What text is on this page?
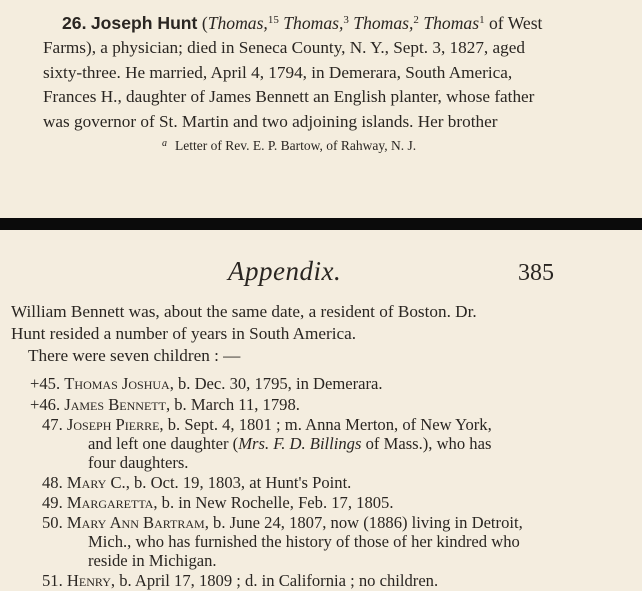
26. Joseph Hunt (Thomas,$^{15}$ Thomas,$^3$ Thomas,$^2$ Thomas$^1$ of West
Farms), a physician; died in Seneca County, N. Y., Sept. 3, 1827, aged
sixty-three. He married, April 4, 1794, in Demerara, South America,
Frances H., daughter of James Bennett an English planter, whose father
was governor of St. Martin and two adjoining islands. Her brother
$^a$ Letter of Rev. E. P. Bartow, of Rahway, N. J.
Appendix.	385
William Bennett was, about the same date, a resident of Boston. Dr.
Hunt resided a number of years in South America.
There were seven children : —
+45. Thomas Joshua, b. Dec. 30, 1795, in Demerara.
+46. James Bennett, b. March 11, 1798.
47. Joseph Pierre, b. Sept. 4, 1801 ; m. Anna Merton, of New York,
and left one daughter (Mrs. F. D. Billings of Mass.), who has
four daughters.
48. Mary C., b. Oct. 19, 1803, at Hunt's Point.
49. Margaretta, b. in New Rochelle, Feb. 17, 1805.
50. Mary Ann Bartram, b. June 24, 1807, now (1886) living in Detroit,
Mich., who has furnished the history of those of her kindred who
reside in Michigan.
51. Henry, b. April 17, 1809 ; d. in California ; no children.
